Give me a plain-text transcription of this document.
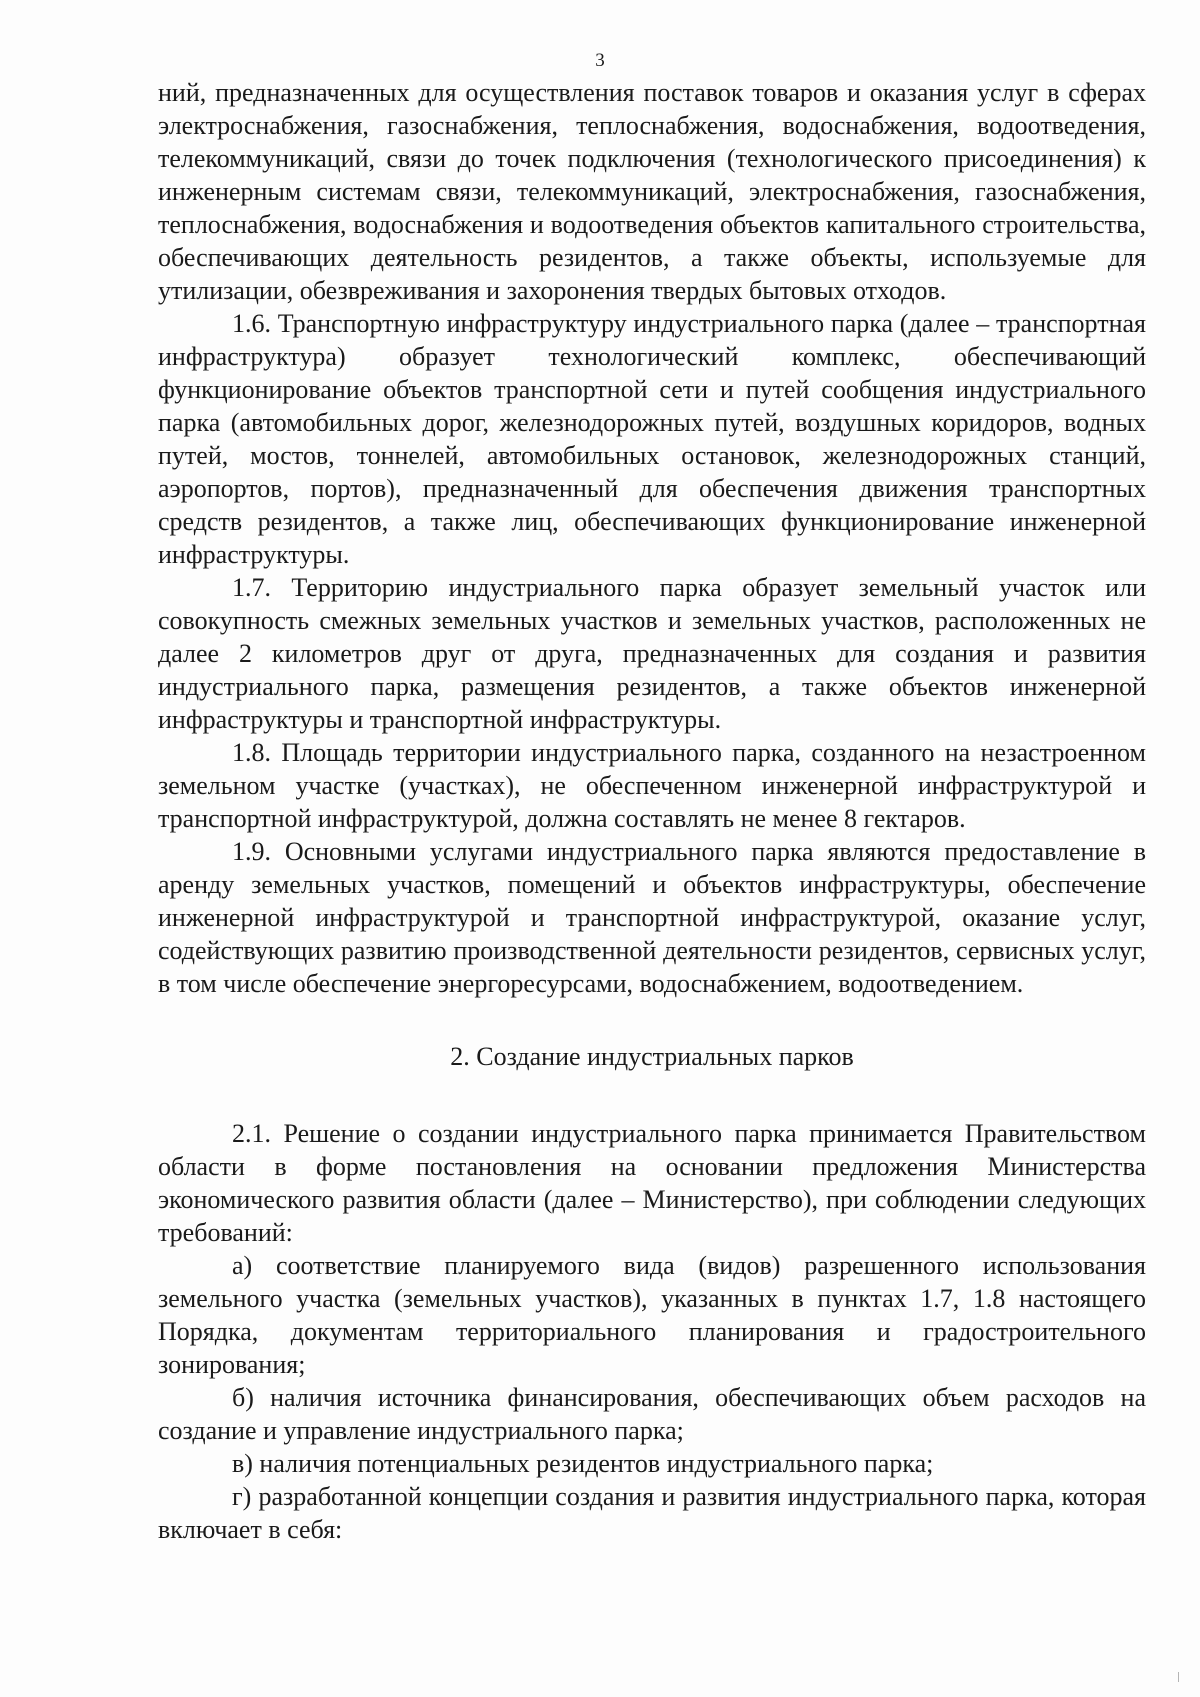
3

ний, предназначенных для осуществления поставок товаров и оказания услуг в сферах электроснабжения, газоснабжения, теплоснабжения, водоснабжения, водоотведения, телекоммуникаций, связи до точек подключения (технологического присоединения) к инженерным системам связи, телекоммуникаций, электроснабжения, газоснабжения, теплоснабжения, водоснабжения и водоотведения объектов капитального строительства, обеспечивающих деятельность резидентов, а также объекты, используемые для утилизации, обезвреживания и захоронения твердых бытовых отходов.

1.6. Транспортную инфраструктуру индустриального парка (далее – транспортная инфраструктура) образует технологический комплекс, обеспечивающий функционирование объектов транспортной сети и путей сообщения индустриального парка (автомобильных дорог, железнодорожных путей, воздушных коридоров, водных путей, мостов, тоннелей, автомобильных остановок, железнодорожных станций, аэропортов, портов), предназначенный для обеспечения движения транспортных средств резидентов, а также лиц, обеспечивающих функционирование инженерной инфраструктуры.

1.7. Территорию индустриального парка образует земельный участок или совокупность смежных земельных участков и земельных участков, расположенных не далее 2 километров друг от друга, предназначенных для создания и развития индустриального парка, размещения резидентов, а также объектов инженерной инфраструктуры и транспортной инфраструктуры.

1.8. Площадь территории индустриального парка, созданного на незастроенном земельном участке (участках), не обеспеченном инженерной инфраструктурой и транспортной инфраструктурой, должна составлять не менее 8 гектаров.

1.9. Основными услугами индустриального парка являются предоставление в аренду земельных участков, помещений и объектов инфраструктуры, обеспечение инженерной инфраструктурой и транспортной инфраструктурой, оказание услуг, содействующих развитию производственной деятельности резидентов, сервисных услуг, в том числе обеспечение энергоресурсами, водоснабжением, водоотведением.

2. Создание индустриальных парков

2.1. Решение о создании индустриального парка принимается Правительством области в форме постановления на основании предложения Министерства экономического развития области (далее – Министерство), при соблюдении следующих требований:

а) соответствие планируемого вида (видов) разрешенного использования земельного участка (земельных участков), указанных в пунктах 1.7, 1.8 настоящего Порядка, документам территориального планирования и градостроительного зонирования;

б) наличия источника финансирования, обеспечивающих объем расходов на создание и управление индустриального парка;

в) наличия потенциальных резидентов индустриального парка;

г) разработанной концепции создания и развития индустриального парка, которая включает в себя:
